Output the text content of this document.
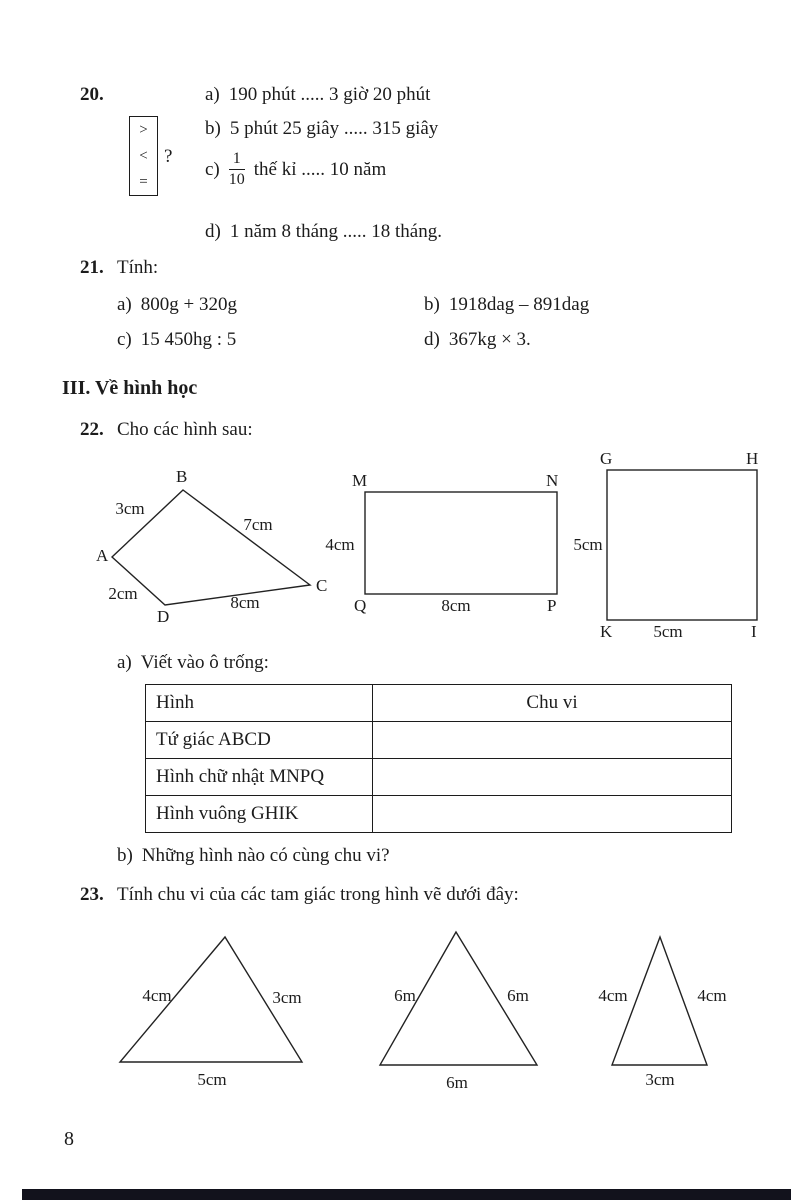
20.
>
<
=
?
a) 190 phút ..... 3 giờ 20 phút
b) 5 phút 25 giây ..... 315 giây
$c) \frac{1}{10}$ thế kỉ ..... 10 năm
d) 1 năm 8 tháng ..... 18 tháng.
21. Tính:
a) 800g + 320g	b) 1918dag – 891dag
c) 15 450hg : 5	d) 367kg × 3.
III. Về hình học
22. Cho các hình sau:
A
B
C
D
3cm
7cm
2cm	8cm
M	N
Q	P
4cm
8cm
G	H
K	I
5cm
5cm
a) Viết vào ô trống:
Hình	Chu vi
Tứ giác ABCD	
Hình chữ nhật MNPQ	
Hình vuông GHIK	
b) Những hình nào có cùng chu vi?
23. Tính chu vi của các tam giác trong hình vẽ dưới đây:
4cm	3cm
5cm
6m	6m
6m
4cm	4cm
3cm
8
